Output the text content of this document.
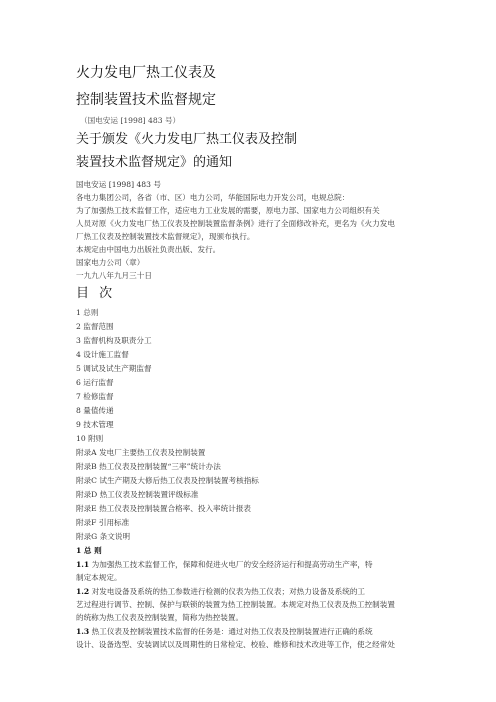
火力发电厂热工仪表及
控制装置技术监督规定
（国电安运 [1998] 483 号）
关于颁发《火力发电厂热工仪表及控制
装置技术监督规定》的通知
国电安运 [1998] 483 号
各电力集团公司，各省（市、区）电力公司，华能国际电力开发公司，电规总院：
为了加强热工技术监督工作，适应电力工业发展的需要，原电力部、国家电力公司组织有关
人员对原《火力发电厂热工仪表及控制装置监督条例》进行了全面修改补充，更名为《火力发电
厂热工仪表及控制装置技术监督规定》，现颁布执行。
本规定由中国电力出版社负责出版、发行。
国家电力公司（章）
一九九八年九月三十日
目 次
1 总则
2 监督范围
3 监督机构及职责分工
4 设计施工监督
5 调试及试生产期监督
6 运行监督
7 检修监督
8 量值传递
9 技术管理
10 附则
附录A 发电厂主要热工仪表及控制装置
附录B 热工仪表及控制装置“三率”统计办法
附录C 试生产期及大修后热工仪表及控制装置考核指标
附录D 热工仪表及控制装置评级标准
附录E 热工仪表及控制装置合格率、投入率统计报表
附录F 引用标准
附录G 条文说明
1 总 则
1.1 为加强热工技术监督工作，保障和促进火电厂的安全经济运行和提高劳动生产率，特
制定本规定。
1.2 对发电设备及系统的热工参数进行检测的仪表为热工仪表；对热力设备及系统的工
艺过程进行调节、控制、保护与联锁的装置为热工控制装置。本规定对热工仪表及热工控制装置
的统称为热工仪表及控制装置，简称为热控装置。
1.3 热工仪表及控制装置技术监督的任务是：通过对热工仪表及控制装置进行正确的系统
设计、设备选型、安装调试以及周期性的日常检定、校验、维修和技术改进等工作，使之经常处
